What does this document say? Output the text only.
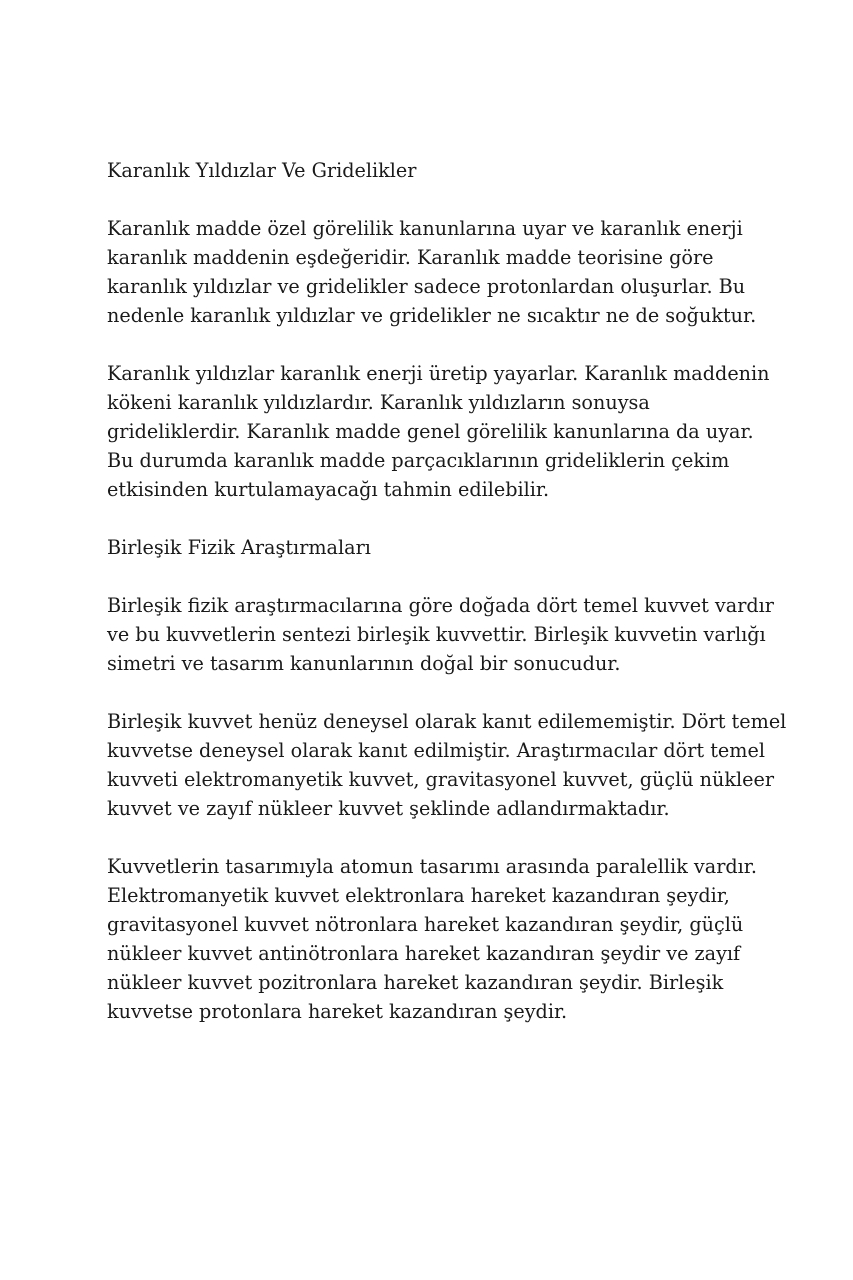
Karanlık Yıldızlar Ve Gridelikler
Karanlık madde özel görelilik kanunlarına uyar ve karanlık enerji
karanlık maddenin eşdeğeridir. Karanlık madde teorisine göre
karanlık yıldızlar ve gridelikler sadece protonlardan oluşurlar. Bu
nedenle karanlık yıldızlar ve gridelikler ne sıcaktır ne de soğuktur.
Karanlık yıldızlar karanlık enerji üretip yayarlar. Karanlık maddenin
kökeni karanlık yıldızlardır. Karanlık yıldızların sonuysa
grideliklerdir. Karanlık madde genel görelilik kanunlarına da uyar.
Bu durumda karanlık madde parçacıklarının grideliklerin çekim
etkisinden kurtulamayacağı tahmin edilebilir.
Birleşik Fizik Araştırmaları
Birleşik fizik araştırmacılarına göre doğada dört temel kuvvet vardır
ve bu kuvvetlerin sentezi birleşik kuvvettir. Birleşik kuvvetin varlığı
simetri ve tasarım kanunlarının doğal bir sonucudur.
Birleşik kuvvet henüz deneysel olarak kanıt edilememiştir. Dört temel
kuvvetse deneysel olarak kanıt edilmiştir. Araştırmacılar dört temel
kuvveti elektromanyetik kuvvet, gravitasyonel kuvvet, güçlü nükleer
kuvvet ve zayıf nükleer kuvvet şeklinde adlandırmaktadır.
Kuvvetlerin tasarımıyla atomun tasarımı arasında paralellik vardır.
Elektromanyetik kuvvet elektronlara hareket kazandıran şeydir,
gravitasyonel kuvvet nötronlara hareket kazandıran şeydir, güçlü
nükleer kuvvet antinötronlara hareket kazandıran şeydir ve zayıf
nükleer kuvvet pozitronlara hareket kazandıran şeydir. Birleşik
kuvvetse protonlara hareket kazandıran şeydir.
